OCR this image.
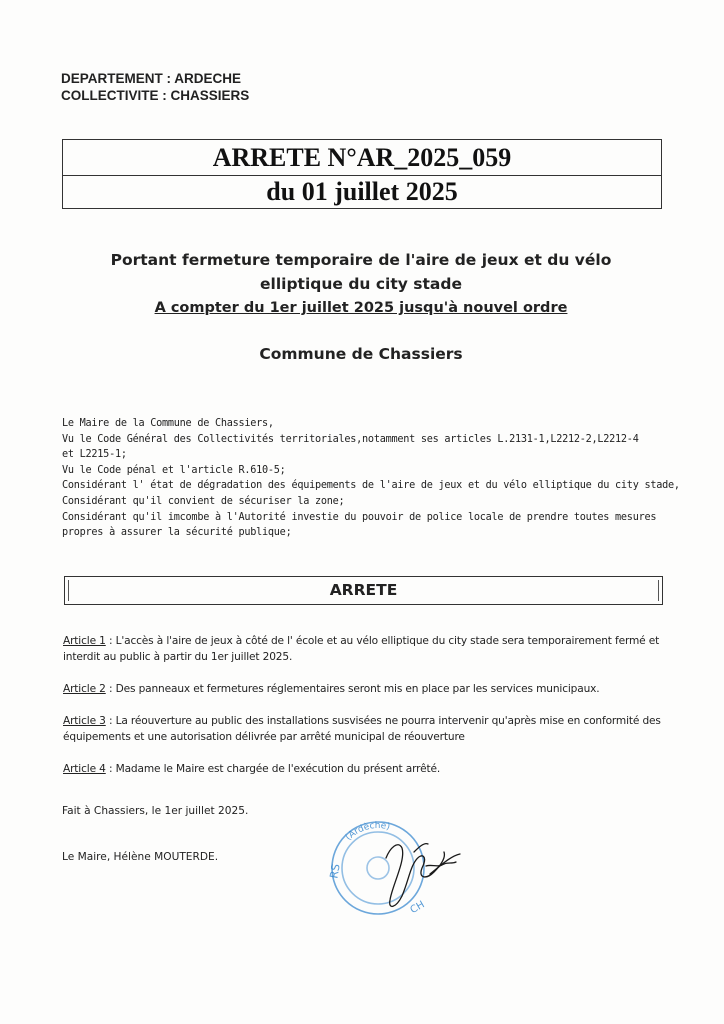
DEPARTEMENT : ARDECHE
COLLECTIVITE : CHASSIERS
ARRETE N°AR_2025_059
du 01 juillet 2025
Portant fermeture temporaire de l'aire de jeux et du vélo
elliptique du city stade
A compter du 1er juillet 2025 jusqu'à nouvel ordre
Commune de Chassiers
Le Maire de la Commune de Chassiers,
Vu le Code Général des Collectivités territoriales,notamment ses articles L.2131-1,L2212-2,L2212-4
et L2215-1;
Vu le Code pénal et l'article R.610-5;
Considérant l' état de dégradation des équipements de l'aire de jeux et du vélo elliptique du city stade,
Considérant qu'il convient de sécuriser la zone;
Considérant qu'il imcombe à l'Autorité investie du pouvoir de police locale de prendre toutes mesures
propres à assurer la sécurité publique;
ARRETE
Article 1 : L'accès à l'aire de jeux à côté de l' école et au vélo elliptique du city stade sera temporairement fermé et interdit au public à partir du 1er juillet 2025.
Article 2 : Des panneaux et fermetures réglementaires seront mis en place par les services municipaux.
Article 3 : La réouverture au public des installations susvisées ne pourra intervenir qu'après mise en conformité des équipements et une autorisation délivrée par arrêté municipal de réouverture
Article 4 : Madame le Maire est chargée de l'exécution du présent arrêté.
Fait à Chassiers, le 1er juillet 2025.
Le Maire, Hélène MOUTERDE.
(Ardèche)
RS
CH
